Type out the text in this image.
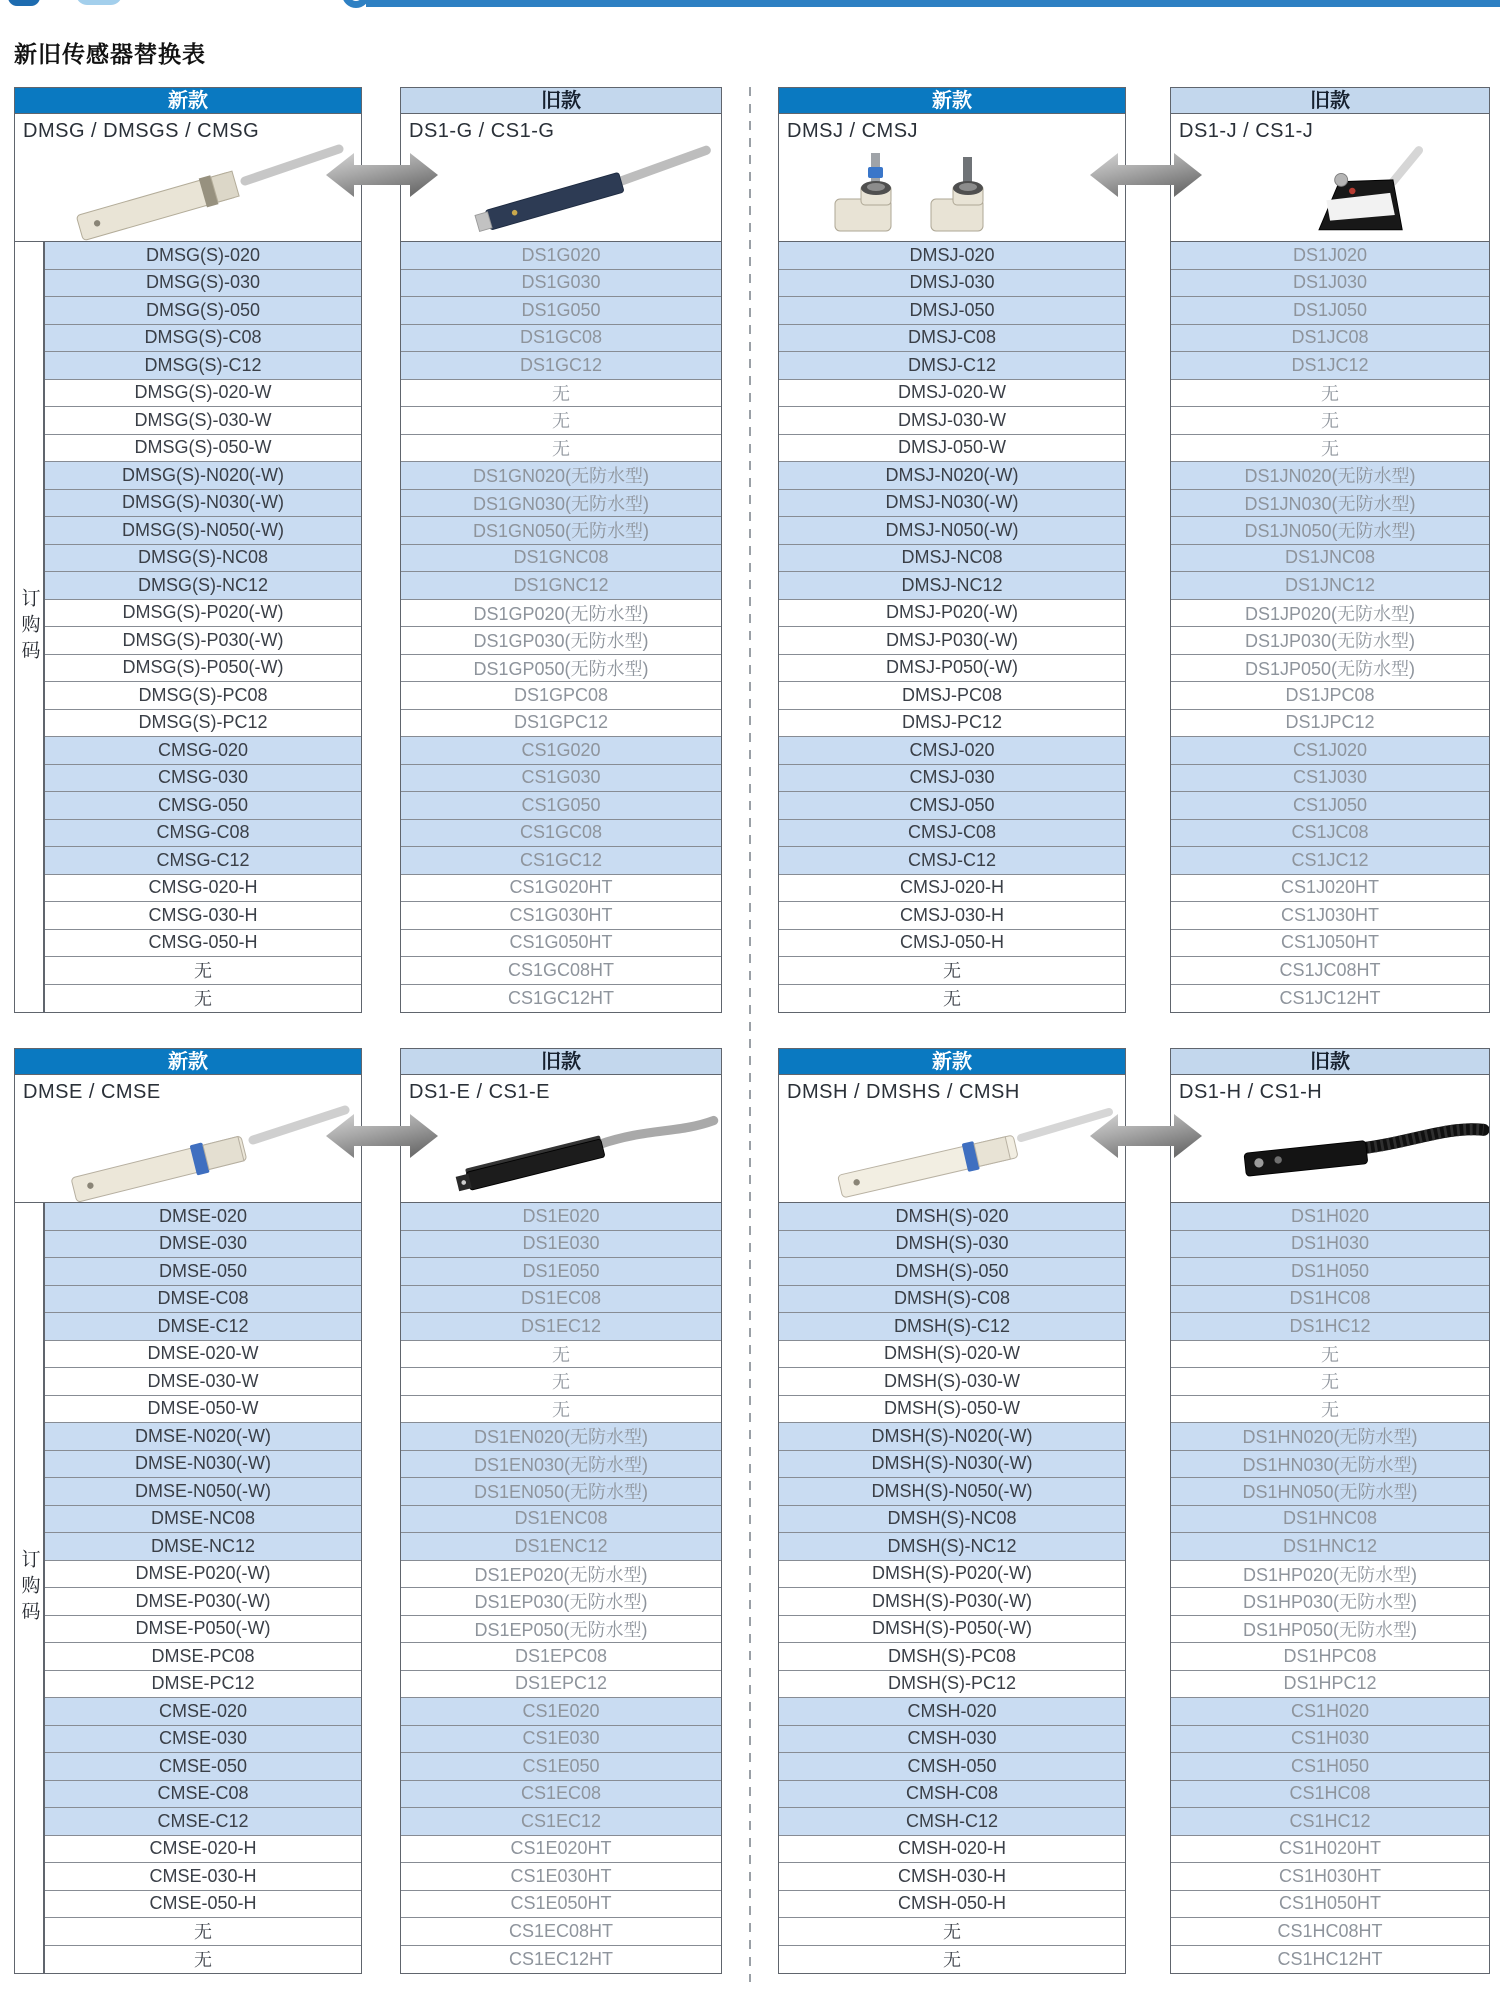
新旧传感器替换表
新款
DMSG / DMSGS / CMSG
订购码
DMSG(S)-020
DMSG(S)-030
DMSG(S)-050
DMSG(S)-C08
DMSG(S)-C12
DMSG(S)-020-W
DMSG(S)-030-W
DMSG(S)-050-W
DMSG(S)-N020(-W)
DMSG(S)-N030(-W)
DMSG(S)-N050(-W)
DMSG(S)-NC08
DMSG(S)-NC12
DMSG(S)-P020(-W)
DMSG(S)-P030(-W)
DMSG(S)-P050(-W)
DMSG(S)-PC08
DMSG(S)-PC12
CMSG-020
CMSG-030
CMSG-050
CMSG-C08
CMSG-C12
CMSG-020-H
CMSG-030-H
CMSG-050-H
无
无
旧款
DS1-G / CS1-G
DS1G020
DS1G030
DS1G050
DS1GC08
DS1GC12
无
无
无
DS1GN020(无防水型)
DS1GN030(无防水型)
DS1GN050(无防水型)
DS1GNC08
DS1GNC12
DS1GP020(无防水型)
DS1GP030(无防水型)
DS1GP050(无防水型)
DS1GPC08
DS1GPC12
CS1G020
CS1G030
CS1G050
CS1GC08
CS1GC12
CS1G020HT
CS1G030HT
CS1G050HT
CS1GC08HT
CS1GC12HT
新款
DMSJ / CMSJ
DMSJ-020
DMSJ-030
DMSJ-050
DMSJ-C08
DMSJ-C12
DMSJ-020-W
DMSJ-030-W
DMSJ-050-W
DMSJ-N020(-W)
DMSJ-N030(-W)
DMSJ-N050(-W)
DMSJ-NC08
DMSJ-NC12
DMSJ-P020(-W)
DMSJ-P030(-W)
DMSJ-P050(-W)
DMSJ-PC08
DMSJ-PC12
CMSJ-020
CMSJ-030
CMSJ-050
CMSJ-C08
CMSJ-C12
CMSJ-020-H
CMSJ-030-H
CMSJ-050-H
无
无
旧款
DS1-J / CS1-J
DS1J020
DS1J030
DS1J050
DS1JC08
DS1JC12
无
无
无
DS1JN020(无防水型)
DS1JN030(无防水型)
DS1JN050(无防水型)
DS1JNC08
DS1JNC12
DS1JP020(无防水型)
DS1JP030(无防水型)
DS1JP050(无防水型)
DS1JPC08
DS1JPC12
CS1J020
CS1J030
CS1J050
CS1JC08
CS1JC12
CS1J020HT
CS1J030HT
CS1J050HT
CS1JC08HT
CS1JC12HT
新款
DMSE / CMSE
订购码
DMSE-020
DMSE-030
DMSE-050
DMSE-C08
DMSE-C12
DMSE-020-W
DMSE-030-W
DMSE-050-W
DMSE-N020(-W)
DMSE-N030(-W)
DMSE-N050(-W)
DMSE-NC08
DMSE-NC12
DMSE-P020(-W)
DMSE-P030(-W)
DMSE-P050(-W)
DMSE-PC08
DMSE-PC12
CMSE-020
CMSE-030
CMSE-050
CMSE-C08
CMSE-C12
CMSE-020-H
CMSE-030-H
CMSE-050-H
无
无
旧款
DS1-E / CS1-E
DS1E020
DS1E030
DS1E050
DS1EC08
DS1EC12
无
无
无
DS1EN020(无防水型)
DS1EN030(无防水型)
DS1EN050(无防水型)
DS1ENC08
DS1ENC12
DS1EP020(无防水型)
DS1EP030(无防水型)
DS1EP050(无防水型)
DS1EPC08
DS1EPC12
CS1E020
CS1E030
CS1E050
CS1EC08
CS1EC12
CS1E020HT
CS1E030HT
CS1E050HT
CS1EC08HT
CS1EC12HT
新款
DMSH / DMSHS / CMSH
DMSH(S)-020
DMSH(S)-030
DMSH(S)-050
DMSH(S)-C08
DMSH(S)-C12
DMSH(S)-020-W
DMSH(S)-030-W
DMSH(S)-050-W
DMSH(S)-N020(-W)
DMSH(S)-N030(-W)
DMSH(S)-N050(-W)
DMSH(S)-NC08
DMSH(S)-NC12
DMSH(S)-P020(-W)
DMSH(S)-P030(-W)
DMSH(S)-P050(-W)
DMSH(S)-PC08
DMSH(S)-PC12
CMSH-020
CMSH-030
CMSH-050
CMSH-C08
CMSH-C12
CMSH-020-H
CMSH-030-H
CMSH-050-H
无
无
旧款
DS1-H / CS1-H
DS1H020
DS1H030
DS1H050
DS1HC08
DS1HC12
无
无
无
DS1HN020(无防水型)
DS1HN030(无防水型)
DS1HN050(无防水型)
DS1HNC08
DS1HNC12
DS1HP020(无防水型)
DS1HP030(无防水型)
DS1HP050(无防水型)
DS1HPC08
DS1HPC12
CS1H020
CS1H030
CS1H050
CS1HC08
CS1HC12
CS1H020HT
CS1H030HT
CS1H050HT
CS1HC08HT
CS1HC12HT
